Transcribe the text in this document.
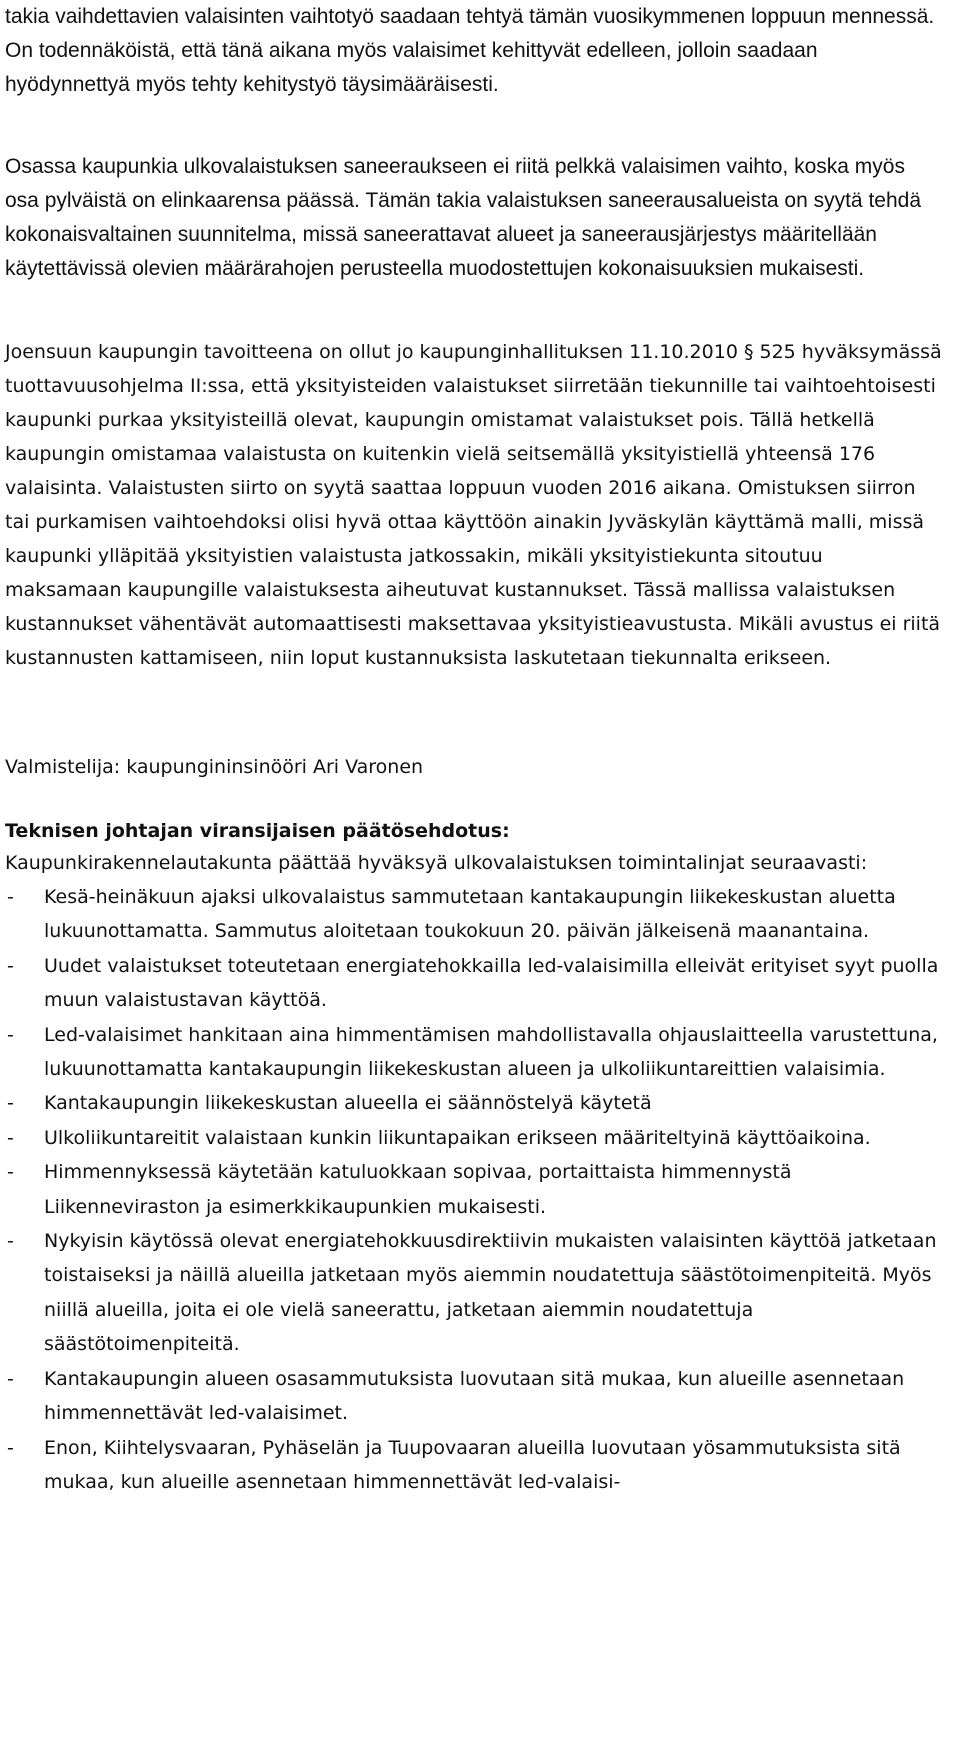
takia vaihdettavien valaisinten vaihtotyö saadaan tehtyä tämän vuosikymmenen loppuun mennessä. On todennäköistä, että tänä aikana myös valaisimet kehittyvät edelleen, jolloin saadaan hyödynnettyä myös tehty kehitystyö täysimääräisesti.

Osassa kaupunkia ulkovalaistuksen saneeraukseen ei riitä pelkkä valaisimen vaihto, koska myös osa pylväistä on elinkaarensa päässä. Tämän takia valaistuksen saneerausalueista on syytä tehdä kokonaisvaltainen suunnitelma, missä saneerattavat alueet ja saneerausjärjestys määritellään käytettävissä olevien määrärahojen perusteella muodostettujen kokonaisuuksien mukaisesti.

Joensuun kaupungin tavoitteena on ollut jo kaupunginhallituksen 11.10.2010 § 525 hyväksymässä tuottavuusohjelma II:ssa, että yksityisteiden valaistukset siirretään tiekunnille tai vaihtoehtoisesti kaupunki purkaa yksityisteillä olevat, kaupungin omistamat valaistukset pois. Tällä hetkellä kaupungin omistamaa valaistusta on kuitenkin vielä seitsemällä yksityistiellä yhteensä 176 valaisinta. Valaistusten siirto on syytä saattaa loppuun vuoden 2016 aikana. Omistuksen siirron tai purkamisen vaihtoehdoksi olisi hyvä ottaa käyttöön ainakin Jyväskylän käyttämä malli, missä kaupunki ylläpitää yksityistien valaistusta jatkossakin, mikäli yksityistiekunta sitoutuu maksamaan kaupungille valaistuksesta aiheutuvat kustannukset. Tässä mallissa valaistuksen kustannukset vähentävät automaattisesti maksettavaa yksityistieavustusta. Mikäli avustus ei riitä kustannusten kattamiseen, niin loput kustannuksista laskutetaan tiekunnalta erikseen.

Valmistelija: kaupungininsinööri Ari Varonen

Teknisen johtajan viransijaisen päätösehdotus:

Kaupunkirakennelautakunta päättää hyväksyä ulkovalaistuksen toimintalinjat seuraavasti:

- Kesä-heinäkuun ajaksi ulkovalaistus sammutetaan kantakaupungin liikekeskustan aluetta lukuunottamatta. Sammutus aloitetaan toukokuun 20. päivän jälkeisenä maanantaina.
- Uudet valaistukset toteutetaan energiatehokkailla led-valaisimilla elleivät erityiset syyt puolla muun valaistustavan käyttöä.
- Led-valaisimet hankitaan aina himmentämisen mahdollistavalla ohjauslaitteella varustettuna, lukuunottamatta kantakaupungin liikekeskustan alueen ja ulkoliikuntareittien valaisimia.
- Kantakaupungin liikekeskustan alueella ei säännöstelyä käytetä
- Ulkoliikuntareitit valaistaan kunkin liikuntapaikan erikseen määriteltyinä käyttöaikoina.
- Himmennyksessä käytetään katuluokkaan sopivaa, portaittaista himmennystä Liikenneviraston ja esimerkkikaupunkien mukaisesti.
- Nykyisin käytössä olevat energiatehokkuusdirektiivin mukaisten valaisinten käyttöä jatketaan toistaiseksi ja näillä alueilla jatketaan myös aiemmin noudatettuja säästötoimenpiteitä. Myös niillä alueilla, joita ei ole vielä saneerattu, jatketaan aiemmin noudatettuja säästötoimenpiteitä.
- Kantakaupungin alueen osasammutuksista luovutaan sitä mukaa, kun alueille asennetaan himmennettävät led-valaisimet.
- Enon, Kiihtelysvaaran, Pyhäselän ja Tuupovaaran alueilla luovutaan yösammutuksista sitä mukaa, kun alueille asennetaan himmennettävät led-valaisi-
